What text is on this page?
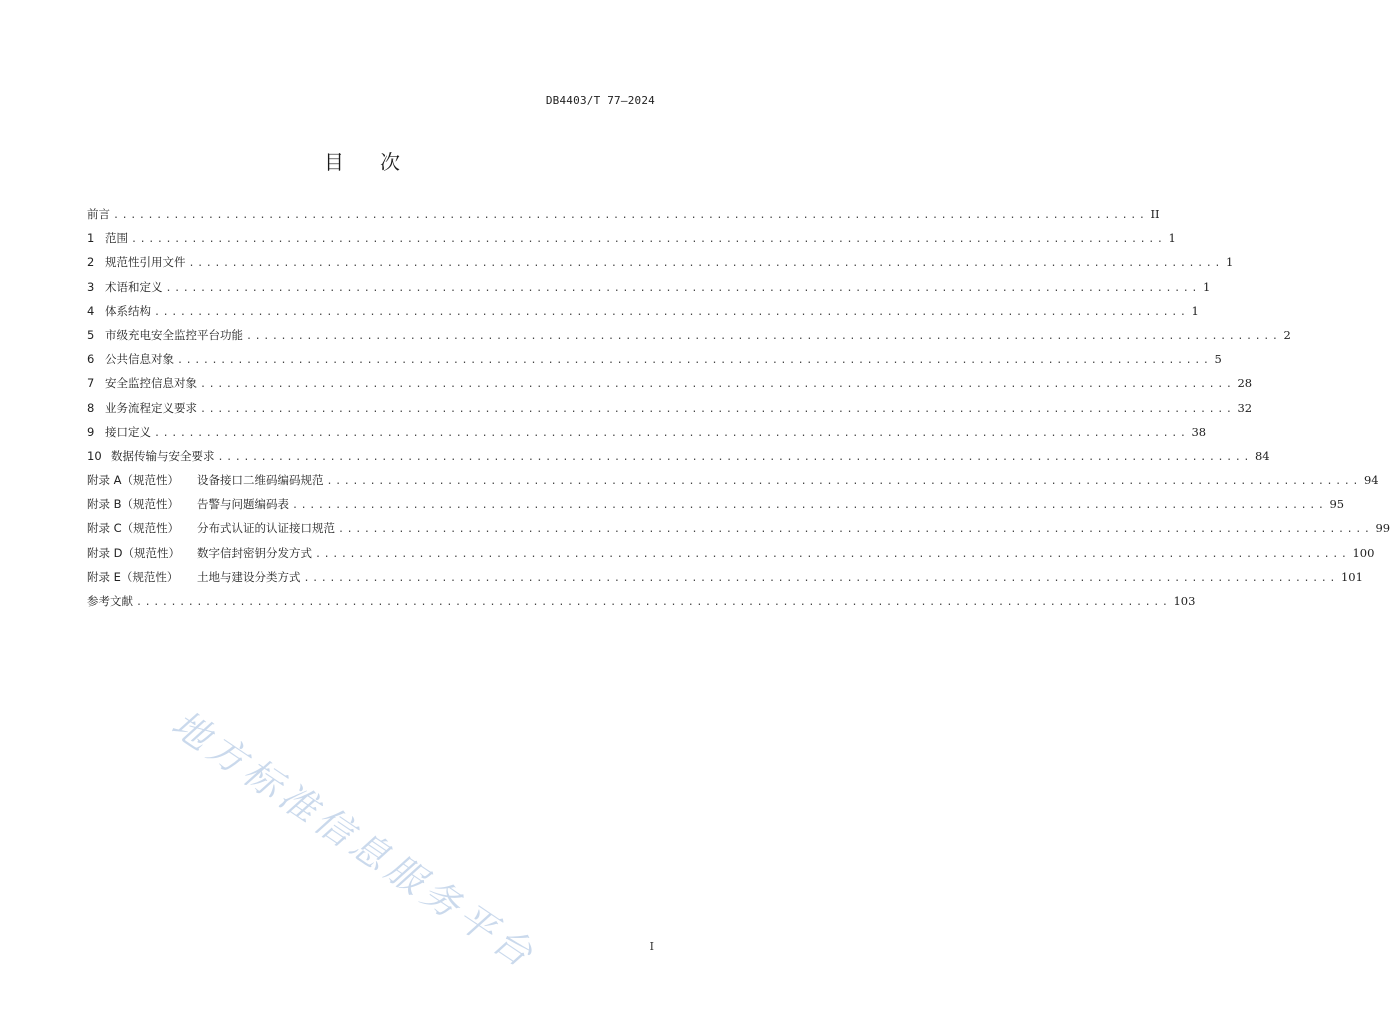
DB4403/T 77—2024
目 次
前言 ........................................................................................................................ II
1 范围 ........................................................................................................................ 1
2 规范性引用文件 ........................................................................................................................ 1
3 术语和定义 ........................................................................................................................ 1
4 体系结构 ........................................................................................................................ 1
5 市级充电安全监控平台功能 ........................................................................................................................ 2
6 公共信息对象 ........................................................................................................................ 5
7 安全监控信息对象 ........................................................................................................................ 28
8 业务流程定义要求 ........................................................................................................................ 32
9 接口定义 ........................................................................................................................ 38
10 数据传输与安全要求 ........................................................................................................................ 84
附录 A（规范性）	设备接口二维码编码规范 ........................................................................................................................ 94
附录 B（规范性）	告警与问题编码表 ........................................................................................................................ 95
附录 C（规范性）	分布式认证的认证接口规范 ........................................................................................................................ 99
附录 D（规范性）	数字信封密钥分发方式 ........................................................................................................................ 100
附录 E（规范性）	土地与建设分类方式 ........................................................................................................................ 101
参考文献 ........................................................................................................................ 103
地方标准信息服务平台	I
